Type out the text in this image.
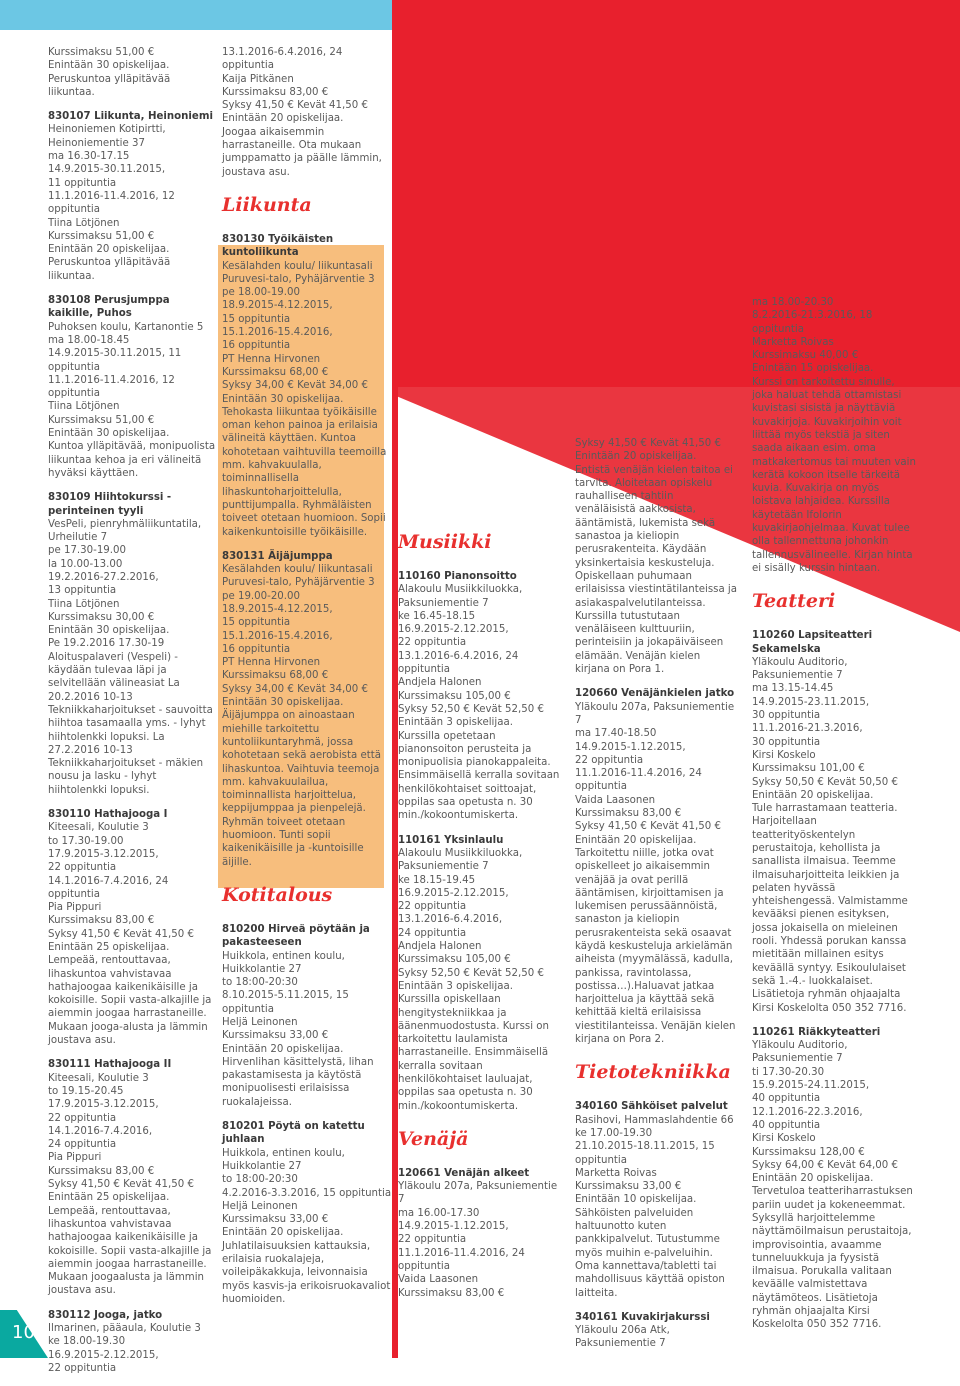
Kurssimaksu 51,00 €
Enintään 30 opiskelijaa.
Peruskuntoa ylläpitävää liikuntaa.
830107 Liikunta, Heinoniemi
Heinoniemen Kotipirtti,
Heinoniementie 37
ma 16.30-17.15
14.9.2015-30.11.2015,
11 oppituntia
11.1.2016-11.4.2016, 12 oppituntia
Tiina Lötjönen
Kurssimaksu 51,00 €
Enintään 20 opiskelijaa.
Peruskuntoa ylläpitävää liikuntaa.
830108 Perusjumppa kaikille, Puhos
Puhoksen koulu, Kartanontie 5
ma 18.00-18.45
14.9.2015-30.11.2015, 11 oppituntia
11.1.2016-11.4.2016, 12 oppituntia
Tiina Lötjönen
Kurssimaksu 51,00 €
Enintään 30 opiskelijaa.
Kuntoa ylläpitävää, monipuolista liikuntaa kehoa ja eri välineitä hyväksi käyttäen.
830109 Hiihtokurssi - perinteinen tyyli
VesPeli, pienryhmäliikuntatila,
Urheilutie 7
pe 17.30-19.00
la 10.00-13.00
19.2.2016-27.2.2016,
13 oppituntia
Tiina Lötjönen
Kurssimaksu 30,00 €
Enintään 30 opiskelijaa.
Pe 19.2.2016 17.30-19 Aloituspalaveri (Vespeli) - käydään tulevaa läpi ja selvitellään välineasiat La 20.2.2016 10-13 Tekniikkaharjoitukset - sauvoitta hiihtoa tasamaalla yms. - lyhyt hiihtolenkki lopuksi. La 27.2.2016 10-13 Tekniikkaharjoitukset - mäkien nousu ja lasku - lyhyt hiihtolenkki lopuksi.
830110 Hathajooga I
Kiteesali, Koulutie 3
to 17.30-19.00
17.9.2015-3.12.2015,
22 oppituntia
14.1.2016-7.4.2016, 24 oppituntia
Pia Pippuri
Kurssimaksu 83,00 €
Syksy 41,50 € Kevät 41,50 €
Enintään 25 opiskelijaa.
Lempeää, rentouttavaa, lihaskuntoa vahvistavaa hathajoogaa kaikenikäisille ja kokoisille. Sopii vasta-alkajille ja aiemmin joogaa harrastaneille. Mukaan jooga-alusta ja lämmin joustava asu.
830111 Hathajooga II
Kiteesali, Koulutie 3
to 19.15-20.45
17.9.2015-3.12.2015,
22 oppituntia
14.1.2016-7.4.2016,
24 oppituntia
Pia Pippuri
Kurssimaksu 83,00 €
Syksy 41,50 € Kevät 41,50 €
Enintään 25 opiskelijaa.
Lempeää, rentouttavaa, lihaskuntoa vahvistavaa hathajoogaa kaikenikäisille ja kokoisille. Sopii vasta-alkajille ja aiemmin joogaa harrastaneille. Mukaan joogaalusta ja lämmin joustava asu.
830112 Jooga, jatko
Ilmarinen, pääaula, Koulutie 3
ke 18.00-19.30
16.9.2015-2.12.2015,
22 oppituntia
13.1.2016-6.4.2016, 24 oppituntia
Kaija Pitkänen
Kurssimaksu 83,00 €
Syksy 41,50 € Kevät 41,50 €
Enintään 20 opiskelijaa.
Joogaa aikaisemmin harrastaneille. Ota mukaan jumppamatto ja päälle lämmin, joustava asu.
Liikunta
830130 Työikäisten kuntoliikunta
Kesälahden koulu/ liikuntasali
Puruvesi-talo, Pyhäjärventie 3
pe 18.00-19.00
18.9.2015-4.12.2015,
15 oppituntia
15.1.2016-15.4.2016,
16 oppituntia
PT Henna Hirvonen
Kurssimaksu 68,00 €
Syksy 34,00 € Kevät 34,00 €
Enintään 30 opiskelijaa.
Tehokasta liikuntaa työikäisille oman kehon painoa ja erilaisia välineitä käyttäen. Kuntoa kohotetaan vaihtuvilla teemoilla mm. kahvakuulalla, toiminnallisella lihaskuntoharjoittelulla, punttijumpalla. Ryhmäläisten toiveet otetaan huomioon. Sopii kaikenkuntoisille työikäisille.
830131 Äijäjumppa
Kesälahden koulu/ liikuntasali
Puruvesi-talo, Pyhäjärventie 3
pe 19.00-20.00
18.9.2015-4.12.2015,
15 oppituntia
15.1.2016-15.4.2016,
16 oppituntia
PT Henna Hirvonen
Kurssimaksu 68,00 €
Syksy 34,00 € Kevät 34,00 €
Enintään 30 opiskelijaa.
Äijäjumppa on ainoastaan miehille tarkoitettu kuntoliikuntaryhmä, jossa kohotetaan sekä aerobista että lihaskuntoa. Vaihtuvia teemoja mm. kahvakuulailua, toiminnallista harjoittelua, keppijumppaa ja pienpelejä. Ryhmän toiveet otetaan huomioon. Tunti sopii kaikenikäisille ja -kuntoisille äijille.
Kotitalous
810200 Hirveä pöytään ja pakasteeseen
Huikkola, entinen koulu,
Huikkolantie 27
to 18:00-20:30
8.10.2015-5.11.2015, 15 oppituntia
Heljä Leinonen
Kurssimaksu 33,00 €
Enintään 20 opiskelijaa.
Hirvenlihan käsittelystä, lihan pakastamisesta ja käytöstä monipuolisesti erilaisissa ruokalajeissa.
810201 Pöytä on katettu juhlaan
Huikkola, entinen koulu,
Huikkolantie 27
to 18:00-20:30
4.2.2016-3.3.2016, 15 oppituntia
Heljä Leinonen
Kurssimaksu 33,00 €
Enintään 20 opiskelijaa.
Juhlatilaisuuksien kattauksia, erilaisia ruokalajeja, voileipäkakkuja, leivonnaisia myös kasvis-ja erikoisruokavaliot huomioiden.
Musiikki
110160 Pianonsoitto
Alakoulu Musiikkiluokka,
Paksuniementie 7
ke 16.45-18.15
16.9.2015-2.12.2015,
22 oppituntia
13.1.2016-6.4.2016, 24 oppituntia
Andjela Halonen
Kurssimaksu 105,00 €
Syksy 52,50 € Kevät 52,50 €
Enintään 3 opiskelijaa.
Kurssilla opetetaan pianonsoiton perusteita ja monipuolisia pianokappaleita. Ensimmäisellä kerralla sovitaan henkilökohtaiset soittoajat, oppilas saa opetusta n. 30 min./kokoontumiskerta.
110161 Yksinlaulu
Alakoulu Musiikkiluokka,
Paksuniementie 7
ke 18.15-19.45
16.9.2015-2.12.2015,
22 oppituntia
13.1.2016-6.4.2016,
24 oppituntia
Andjela Halonen
Kurssimaksu 105,00 €
Syksy 52,50 € Kevät 52,50 €
Enintään 3 opiskelijaa.
Kurssilla opiskellaan hengitystekniikkaa ja äänenmuodostusta. Kurssi on tarkoitettu laulamista harrastaneille. Ensimmäisellä kerralla sovitaan henkilökohtaiset lauluajat, oppilas saa opetusta n. 30 min./kokoontumiskerta.
Venäjä
120661 Venäjän alkeet
Yläkoulu 207a, Paksuniementie 7
ma 16.00-17.30
14.9.2015-1.12.2015,
22 oppituntia
11.1.2016-11.4.2016, 24 oppituntia
Vaida Laasonen
Kurssimaksu 83,00 €
Syksy 41,50 € Kevät 41,50 €
Enintään 20 opiskelijaa.
Entistä venäjän kielen taitoa ei tarvita. Aloitetaan opiskelu rauhalliseen tahtiin venäläisistä aakkosista, ääntämistä, lukemista sekä sanastoa ja kieliopin perusrakenteita. Käydään yksinkertaisia keskusteluja. Opiskellaan puhumaan erilaisissa viestintätilanteissa ja asiakaspalvelutilanteissa. Kurssilla tutustutaan venäläiseen kulttuuriin, perinteisiin ja jokapäiväiseen elämään. Venäjän kielen kirjana on Pora 1.
120660 Venäjänkielen jatko
Yläkoulu 207a, Paksuniementie 7
ma 17.40-18.50
14.9.2015-1.12.2015,
22 oppituntia
11.1.2016-11.4.2016, 24 oppituntia
Vaida Laasonen
Kurssimaksu 83,00 €
Syksy 41,50 € Kevät 41,50 €
Enintään 20 opiskelijaa.
Tarkoitettu niille, jotka ovat opiskelleet jo aikaisemmin venäjää ja ovat perillä ääntämisen, kirjoittamisen ja lukemisen perussäännöistä, sanaston ja kieliopin perusrakenteista sekä osaavat käydä keskusteluja arkielämän aiheista (myymälässä, kadulla, pankissa, ravintolassa, postissa…).Haluavat jatkaa harjoittelua ja käyttää sekä kehittää kieltä erilaisissa viestitilanteissa. Venäjän kielen kirjana on Pora 2.
Tietotekniikka
340160 Sähköiset palvelut
Rasihovi, Hammaslahdentie 66
ke 17.00-19.30
21.10.2015-18.11.2015, 15 oppituntia
Marketta Roivas
Kurssimaksu 33,00 €
Enintään 10 opiskelijaa.
Sähköisten palveluiden haltuunotto kuten pankkipalvelut. Tutustumme myös muihin e-palveluihin. Oma kannettava/tabletti tai mahdollisuus käyttää opiston laitteita.
340161 Kuvakirjakurssi
Yläkoulu 206a Atk,
Paksuniementie 7
ma 18.00-20.30
8.2.2016-21.3.2016, 18 oppituntia
Marketta Roivas
Kurssimaksu 40,00 €
Enintään 15 opiskelijaa.
Kurssi on tarkoitettu sinulle, joka haluat tehdä ottamistasi kuvistasi sisistä ja näyttäviä kuvakirjoja. Kuvakirjoihin voit liittää myös tekstiä ja siten saada aikaan esim. oma matkakertomus tai muuten vain kerätä kokoon itselle tärkeitä kuvia. Kuvakirja on myös loistava lahjaidea. Kurssilla käytetään Ifolorin kuvakirjaohjelmaa. Kuvat tulee olla tallennettuna johonkin tallennusvälineelle. Kirjan hinta ei sisälly kurssin hintaan.
Teatteri
110260 Lapsiteatteri Sekamelska
Yläkoulu Auditorio, Paksuniementie 7
ma 13.15-14.45
14.9.2015-23.11.2015,
30 oppituntia
11.1.2016-21.3.2016,
30 oppituntia
Kirsi Koskelo
Kurssimaksu 101,00 €
Syksy 50,50 € Kevät 50,50 €
Enintään 20 opiskelijaa.
Tule harrastamaan teatteria. Harjoitellaan teatterityöskentelyn perustaitoja, kehollista ja sanallista ilmaisua. Teemme ilmaisuharjoitteita leikkien ja pelaten hyvässä yhteishengessä. Valmistamme kevääksi pienen esityksen, jossa jokaisella on mieleinen rooli. Yhdessä porukan kanssa mietitään millainen esitys keväällä syntyy. Esikoululaiset sekä 1.-4.- luokkalaiset. Lisätietoja ryhmän ohjaajalta Kirsi Koskelolta 050 352 7716.
110261 Riäkkyteatteri
Yläkoulu Auditorio, Paksuniementie 7
ti 17.30-20.30
15.9.2015-24.11.2015,
40 oppituntia
12.1.2016-22.3.2016,
40 oppituntia
Kirsi Koskelo
Kurssimaksu 128,00 €
Syksy 64,00 € Kevät 64,00 €
Enintään 20 opiskelijaa.
Tervetuloa teatteriharrastuksen pariin uudet ja kokeneemmat. Syksyllä harjoittelemme näyttämöilmaisun perustaitoja, improvisointia, avaamme tunneluukkuja ja fyysistä ilmaisua. Porukalla valitaan keväälle valmistettava näytämöteos. Lisätietoja ryhmän ohjaajalta Kirsi Koskelolta 050 352 7716.
10
